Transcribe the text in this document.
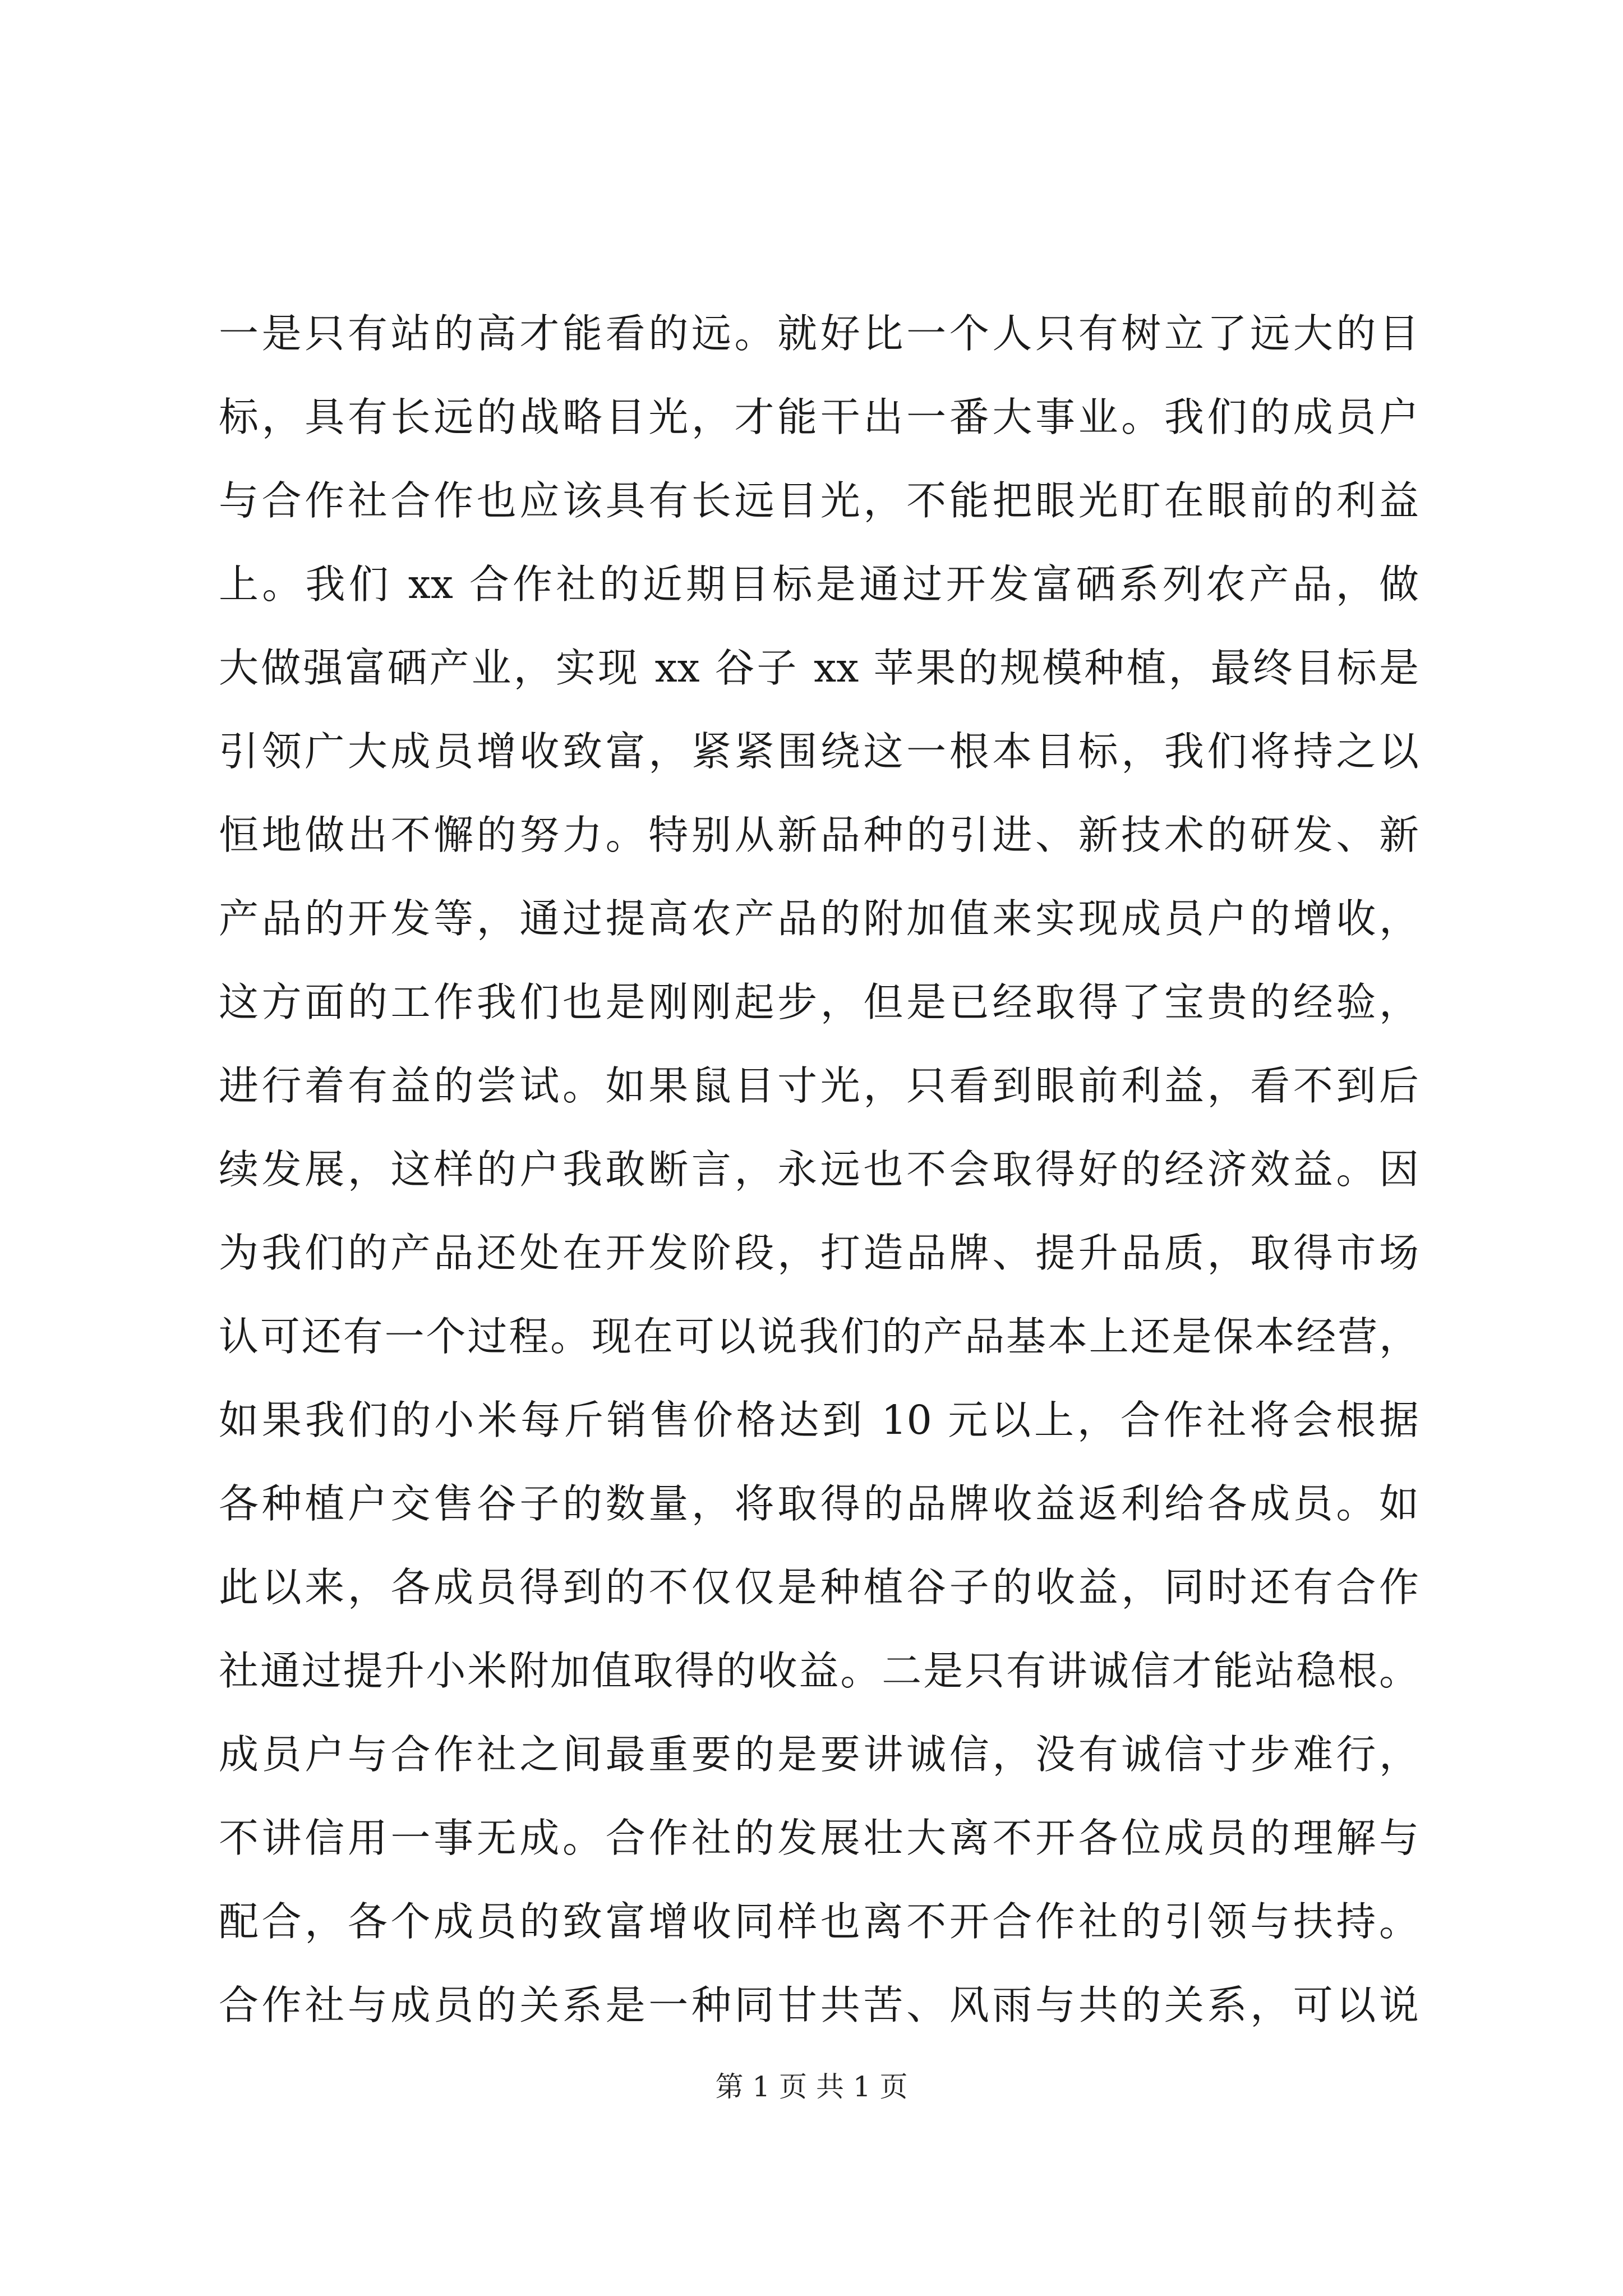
一是只有站的高才能看的远。就好比一个人只有树立了远大的目
标，具有长远的战略目光，才能干出一番大事业。我们的成员户
与合作社合作也应该具有长远目光，不能把眼光盯在眼前的利益
上。我们 xx 合作社的近期目标是通过开发富硒系列农产品，做
大做强富硒产业，实现 xx 谷子 xx 苹果的规模种植，最终目标是
引领广大成员增收致富，紧紧围绕这一根本目标，我们将持之以
恒地做出不懈的努力。特别从新品种的引进、新技术的研发、新
产品的开发等，通过提高农产品的附加值来实现成员户的增收，
这方面的工作我们也是刚刚起步，但是已经取得了宝贵的经验，
进行着有益的尝试。如果鼠目寸光，只看到眼前利益，看不到后
续发展，这样的户我敢断言，永远也不会取得好的经济效益。因
为我们的产品还处在开发阶段，打造品牌、提升品质，取得市场
认可还有一个过程。现在可以说我们的产品基本上还是保本经营，
如果我们的小米每斤销售价格达到 10 元以上，合作社将会根据
各种植户交售谷子的数量，将取得的品牌收益返利给各成员。如
此以来，各成员得到的不仅仅是种植谷子的收益，同时还有合作
社通过提升小米附加值取得的收益。二是只有讲诚信才能站稳根。
成员户与合作社之间最重要的是要讲诚信，没有诚信寸步难行，
不讲信用一事无成。合作社的发展壮大离不开各位成员的理解与
配合，各个成员的致富增收同样也离不开合作社的引领与扶持。
合作社与成员的关系是一种同甘共苦、风雨与共的关系，可以说
第 1 页 共 1 页
